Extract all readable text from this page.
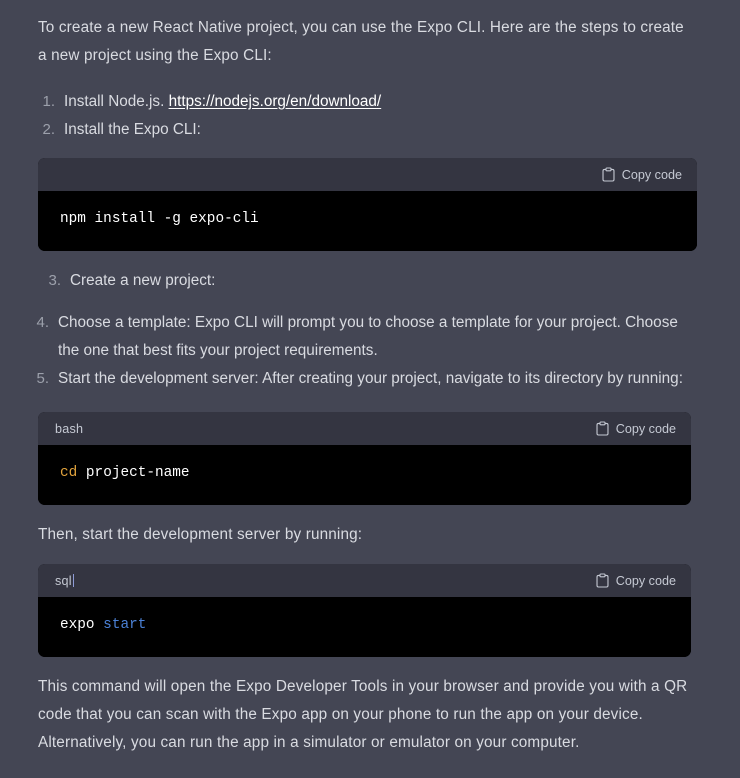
To create a new React Native project, you can use the Expo CLI. Here are the steps to create a new project using the Expo CLI:

1. Install Node.js. https://nodejs.org/en/download/
2. Install the Expo CLI:
Copy code
npm install -g expo-cli
3. Create a new project:
4. Choose a template: Expo CLI will prompt you to choose a template for your project. Choose the one that best fits your project requirements.
5. Start the development server: After creating your project, navigate to its directory by running:
bash	Copy code
cd project-name

Then, start the development server by running:

sql	Copy code
expo start

This command will open the Expo Developer Tools in your browser and provide you with a QR code that you can scan with the Expo app on your phone to run the app on your device. Alternatively, you can run the app in a simulator or emulator on your computer.
